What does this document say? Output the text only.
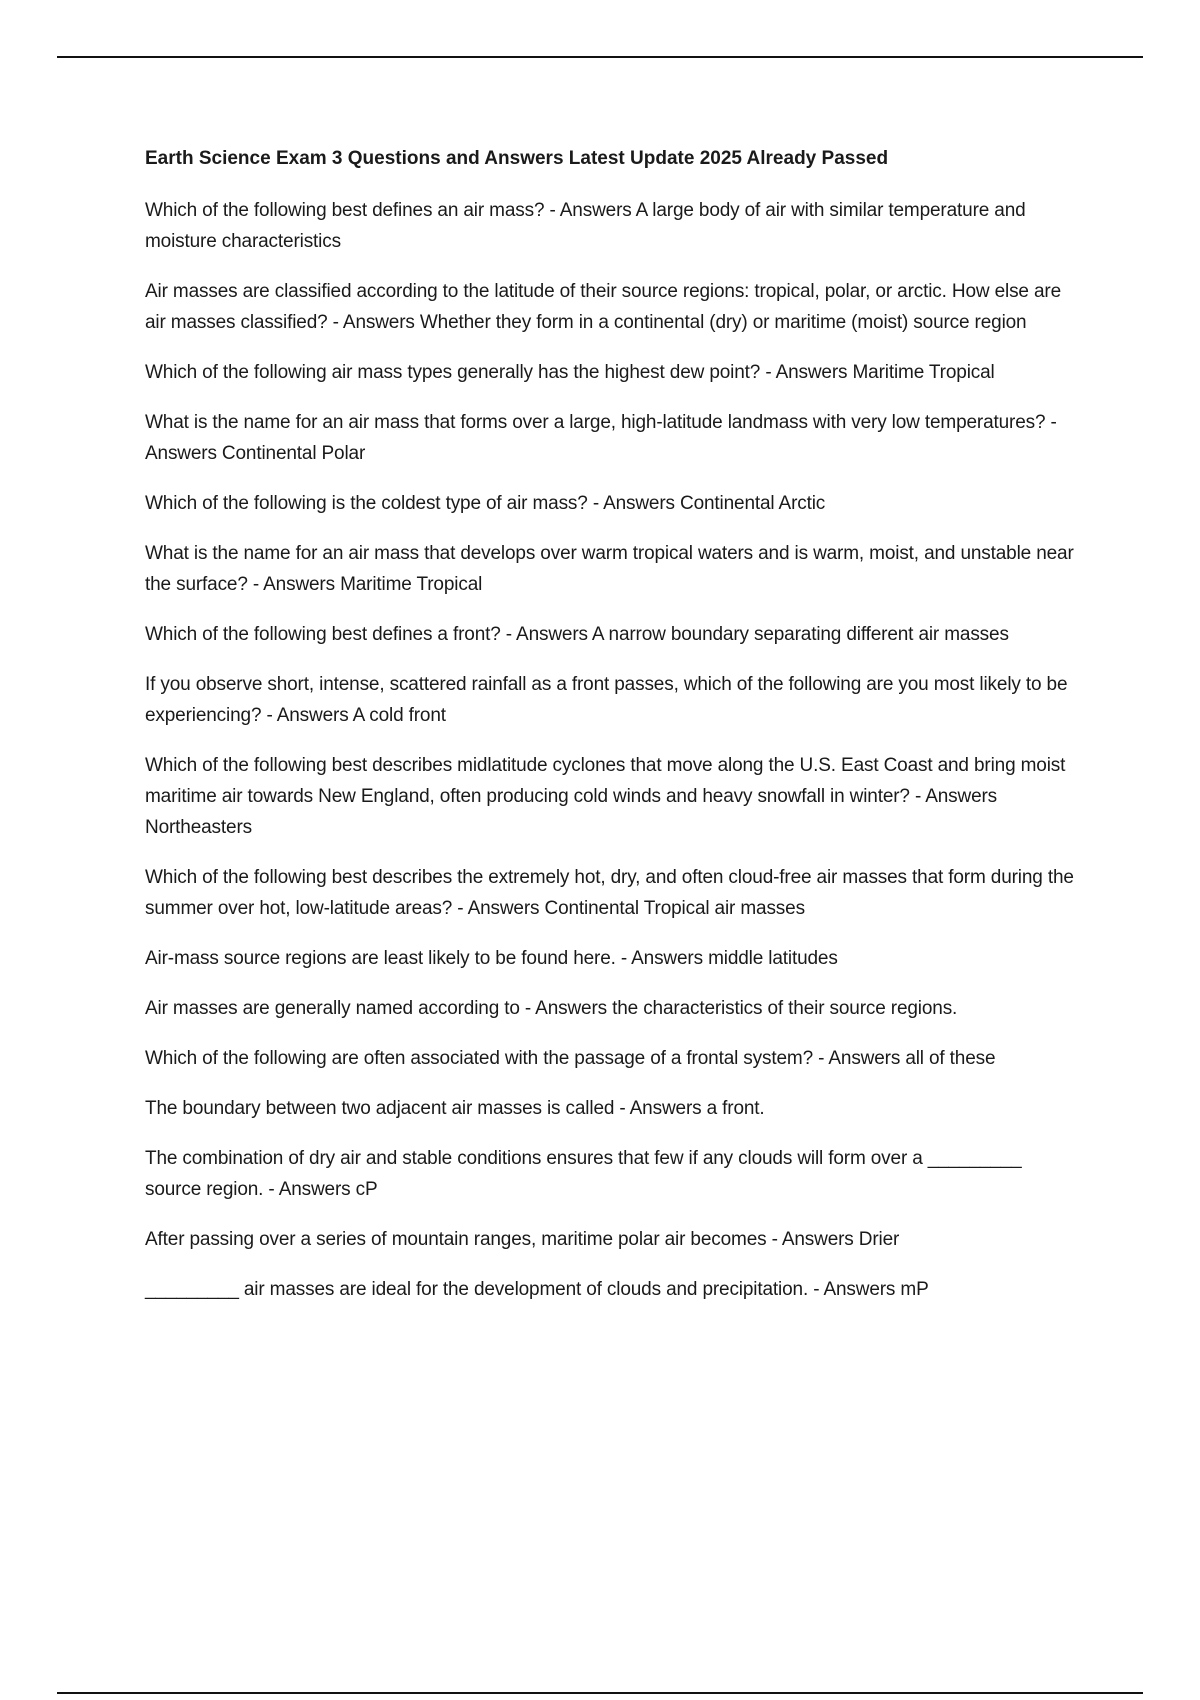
Earth Science Exam 3 Questions and Answers Latest Update 2025 Already Passed
Which of the following best defines an air mass? - Answers A large body of air with similar temperature and moisture characteristics
Air masses are classified according to the latitude of their source regions: tropical, polar, or arctic. How else are air masses classified? - Answers Whether they form in a continental (dry) or maritime (moist) source region
Which of the following air mass types generally has the highest dew point? - Answers Maritime Tropical
What is the name for an air mass that forms over a large, high-latitude landmass with very low temperatures? - Answers Continental Polar
Which of the following is the coldest type of air mass? - Answers Continental Arctic
What is the name for an air mass that develops over warm tropical waters and is warm, moist, and unstable near the surface? - Answers Maritime Tropical
Which of the following best defines a front? - Answers A narrow boundary separating different air masses
If you observe short, intense, scattered rainfall as a front passes, which of the following are you most likely to be experiencing? - Answers A cold front
Which of the following best describes midlatitude cyclones that move along the U.S. East Coast and bring moist maritime air towards New England, often producing cold winds and heavy snowfall in winter? - Answers Northeasters
Which of the following best describes the extremely hot, dry, and often cloud-free air masses that form during the summer over hot, low-latitude areas? - Answers Continental Tropical air masses
Air-mass source regions are least likely to be found here. - Answers middle latitudes
Air masses are generally named according to - Answers the characteristics of their source regions.
Which of the following are often associated with the passage of a frontal system? - Answers all of these
The boundary between two adjacent air masses is called - Answers a front.
The combination of dry air and stable conditions ensures that few if any clouds will form over a _________ source region. - Answers cP
After passing over a series of mountain ranges, maritime polar air becomes - Answers Drier
_________ air masses are ideal for the development of clouds and precipitation. - Answers mP
